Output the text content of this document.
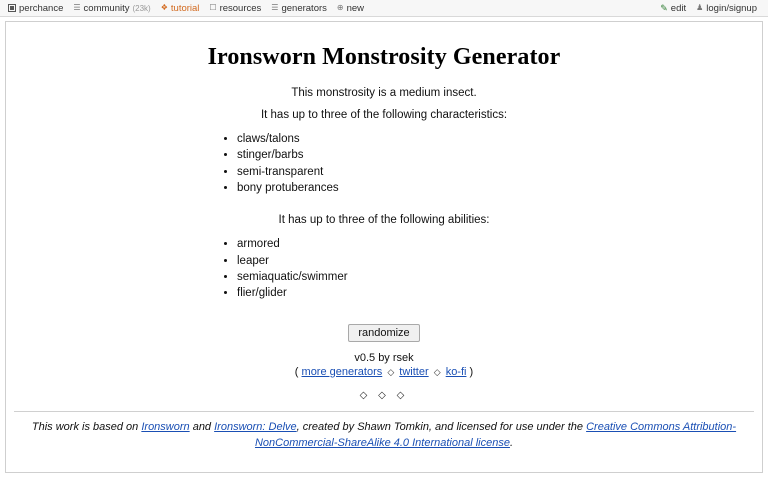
perchance ☰ community (23k) ❖ tutorial ☐ resources ☰ generators ⊕ new	✎ edit ♟ login/signup
Ironsworn Monstrosity Generator

This monstrosity is a medium insect.

It has up to three of the following characteristics:

• claws/talons
• stinger/barbs
• semi-transparent
• bony protuberances

It has up to three of the following abilities:

• armored
• leaper
• semiaquatic/swimmer
• flier/glider
randomize
v0.5 by rsek
( more generators ◇ twitter ◇ ko-fi )
◇ ◇ ◇
This work is based on Ironsworn and Ironsworn: Delve, created by Shawn Tomkin, and licensed for use under the Creative Commons Attribution-NonCommercial-ShareAlike 4.0 International license.
